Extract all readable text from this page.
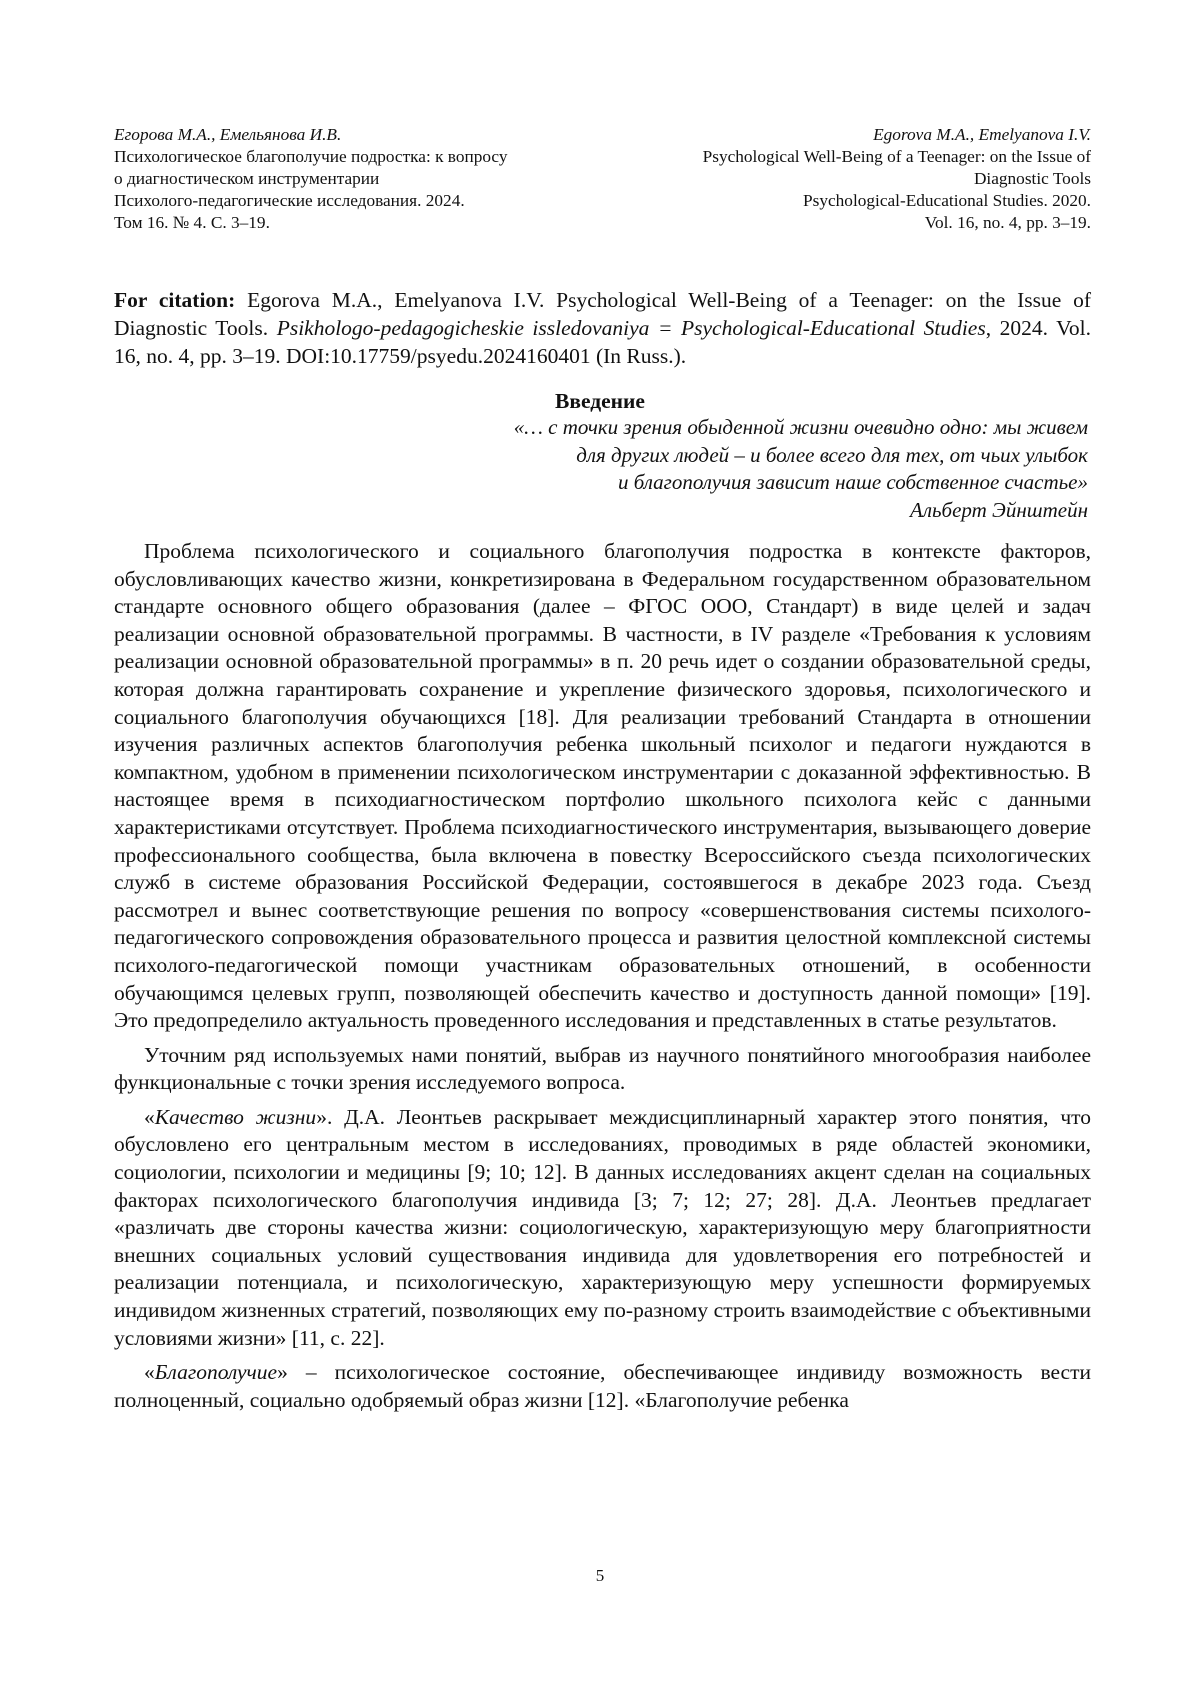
Егорова М.А., Емельянова И.В.
Психологическое благополучие подростка: к вопросу
о диагностическом инструментарии
Психолого-педагогические исследования. 2024.
Том 16. № 4. С. 3–19.
Egorova M.A., Emelyanova I.V.
Psychological Well-Being of a Teenager: on the Issue of
Diagnostic Tools
Psychological-Educational Studies. 2020.
Vol. 16, no. 4, pp. 3–19.
For citation: Egorova M.A., Emelyanova I.V. Psychological Well-Being of a Teenager: on the Issue of Diagnostic Tools. Psikhologo-pedagogicheskie issledovaniya = Psychological-Educational Studies, 2024. Vol. 16, no. 4, pp. 3–19. DOI:10.17759/psyedu.2024160401 (In Russ.).
Введение
«… с точки зрения обыденной жизни очевидно одно: мы живем
для других людей – и более всего для тех, от чьих улыбок
и благополучия зависит наше собственное счастье»
Альберт Эйнштейн

Проблема психологического и социального благополучия подростка в контексте факторов, обусловливающих качество жизни, конкретизирована в Федеральном государственном образовательном стандарте основного общего образования (далее – ФГОС ООО, Стандарт) в виде целей и задач реализации основной образовательной программы. В частности, в IV разделе «Требования к условиям реализации основной образовательной программы» в п. 20 речь идет о создании образовательной среды, которая должна гарантировать сохранение и укрепление физического здоровья, психологического и социального благополучия обучающихся [18]. Для реализации требований Стандарта в отношении изучения различных аспектов благополучия ребенка школьный психолог и педагоги нуждаются в компактном, удобном в применении психологическом инструментарии с доказанной эффективностью. В настоящее время в психодиагностическом портфолио школьного психолога кейс с данными характеристиками отсутствует. Проблема психодиагностического инструментария, вызывающего доверие профессионального сообщества, была включена в повестку Всероссийского съезда психологических служб в системе образования Российской Федерации, состоявшегося в декабре 2023 года. Съезд рассмотрел и вынес соответствующие решения по вопросу «совершенствования системы психолого-педагогического сопровождения образовательного процесса и развития целостной комплексной системы психолого-педагогической помощи участникам образовательных отношений, в особенности обучающимся целевых групп, позволяющей обеспечить качество и доступность данной помощи» [19]. Это предопределило актуальность проведенного исследования и представленных в статье результатов.

Уточним ряд используемых нами понятий, выбрав из научного понятийного многообразия наиболее функциональные с точки зрения исследуемого вопроса.

«Качество жизни». Д.А. Леонтьев раскрывает междисциплинарный характер этого понятия, что обусловлено его центральным местом в исследованиях, проводимых в ряде областей экономики, социологии, психологии и медицины [9; 10; 12]. В данных исследованиях акцент сделан на социальных факторах психологического благополучия индивида [3; 7; 12; 27; 28]. Д.А. Леонтьев предлагает «различать две стороны качества жизни: социологическую, характеризующую меру благоприятности внешних социальных условий существования индивида для удовлетворения его потребностей и реализации потенциала, и психологическую, характеризующую меру успешности формируемых индивидом жизненных стратегий, позволяющих ему по-разному строить взаимодействие с объективными условиями жизни» [11, с. 22].

«Благополучие» – психологическое состояние, обеспечивающее индивиду возможность вести полноценный, социально одобряемый образ жизни [12]. «Благополучие ребенка

5
